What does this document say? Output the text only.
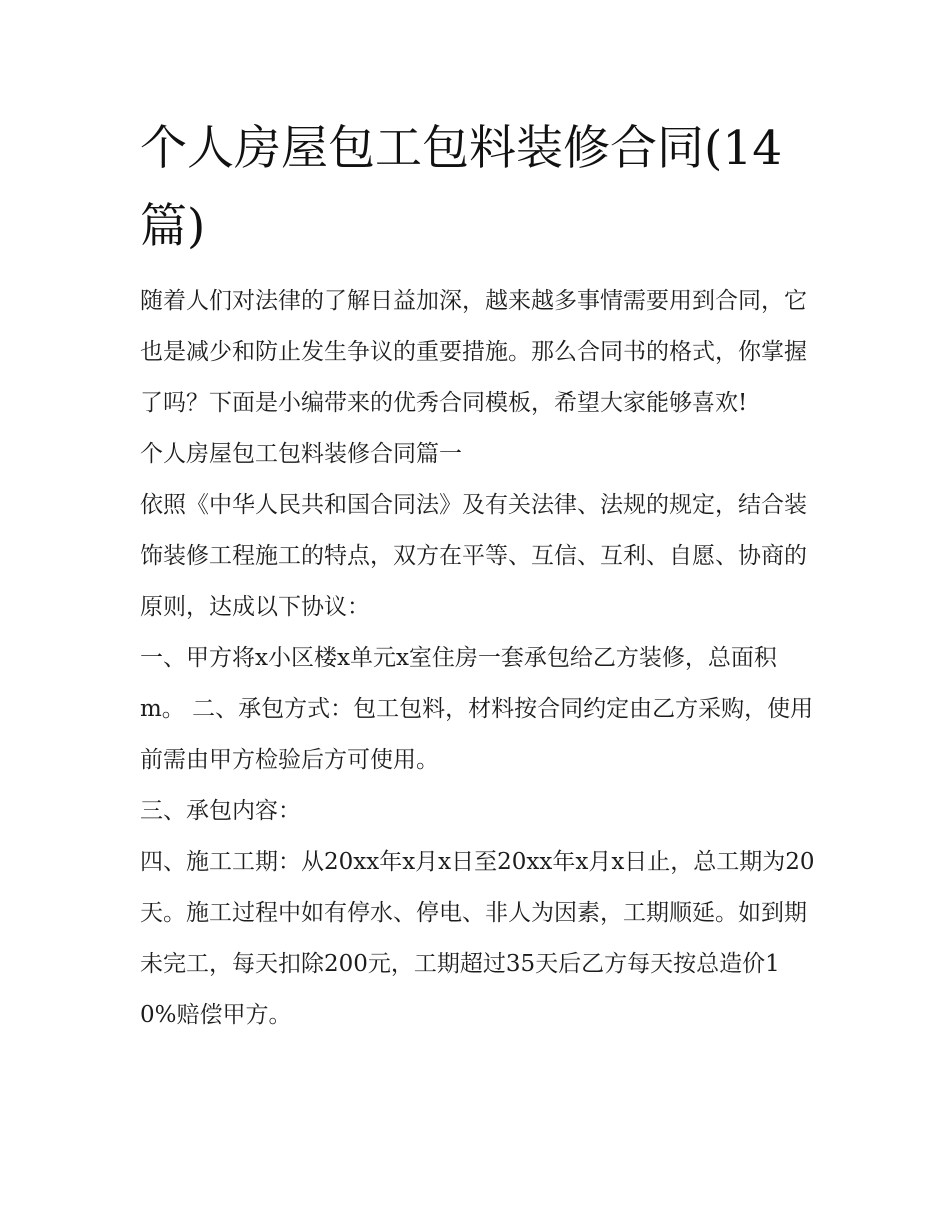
个人房屋包工包料装修合同(14篇)

随着人们对法律的了解日益加深，越来越多事情需要用到合同，它也是减少和防止发生争议的重要措施。那么合同书的格式，你掌握了吗？下面是小编带来的优秀合同模板，希望大家能够喜欢!

个人房屋包工包料装修合同篇一

依照《中华人民共和国合同法》及有关法律、法规的规定，结合装饰装修工程施工的特点，双方在平等、互信、互利、自愿、协商的原则，达成以下协议：

一、甲方将x小区楼x单元x室住房一套承包给乙方装修，总面积m。 二、承包方式：包工包料，材料按合同约定由乙方采购，使用前需由甲方检验后方可使用。

三、承包内容：

四、施工工期：从20xx年x月x日至20xx年x月x日止，总工期为20天。施工过程中如有停水、停电、非人为因素，工期顺延。如到期未完工，每天扣除200元，工期超过35天后乙方每天按总造价10%赔偿甲方。
